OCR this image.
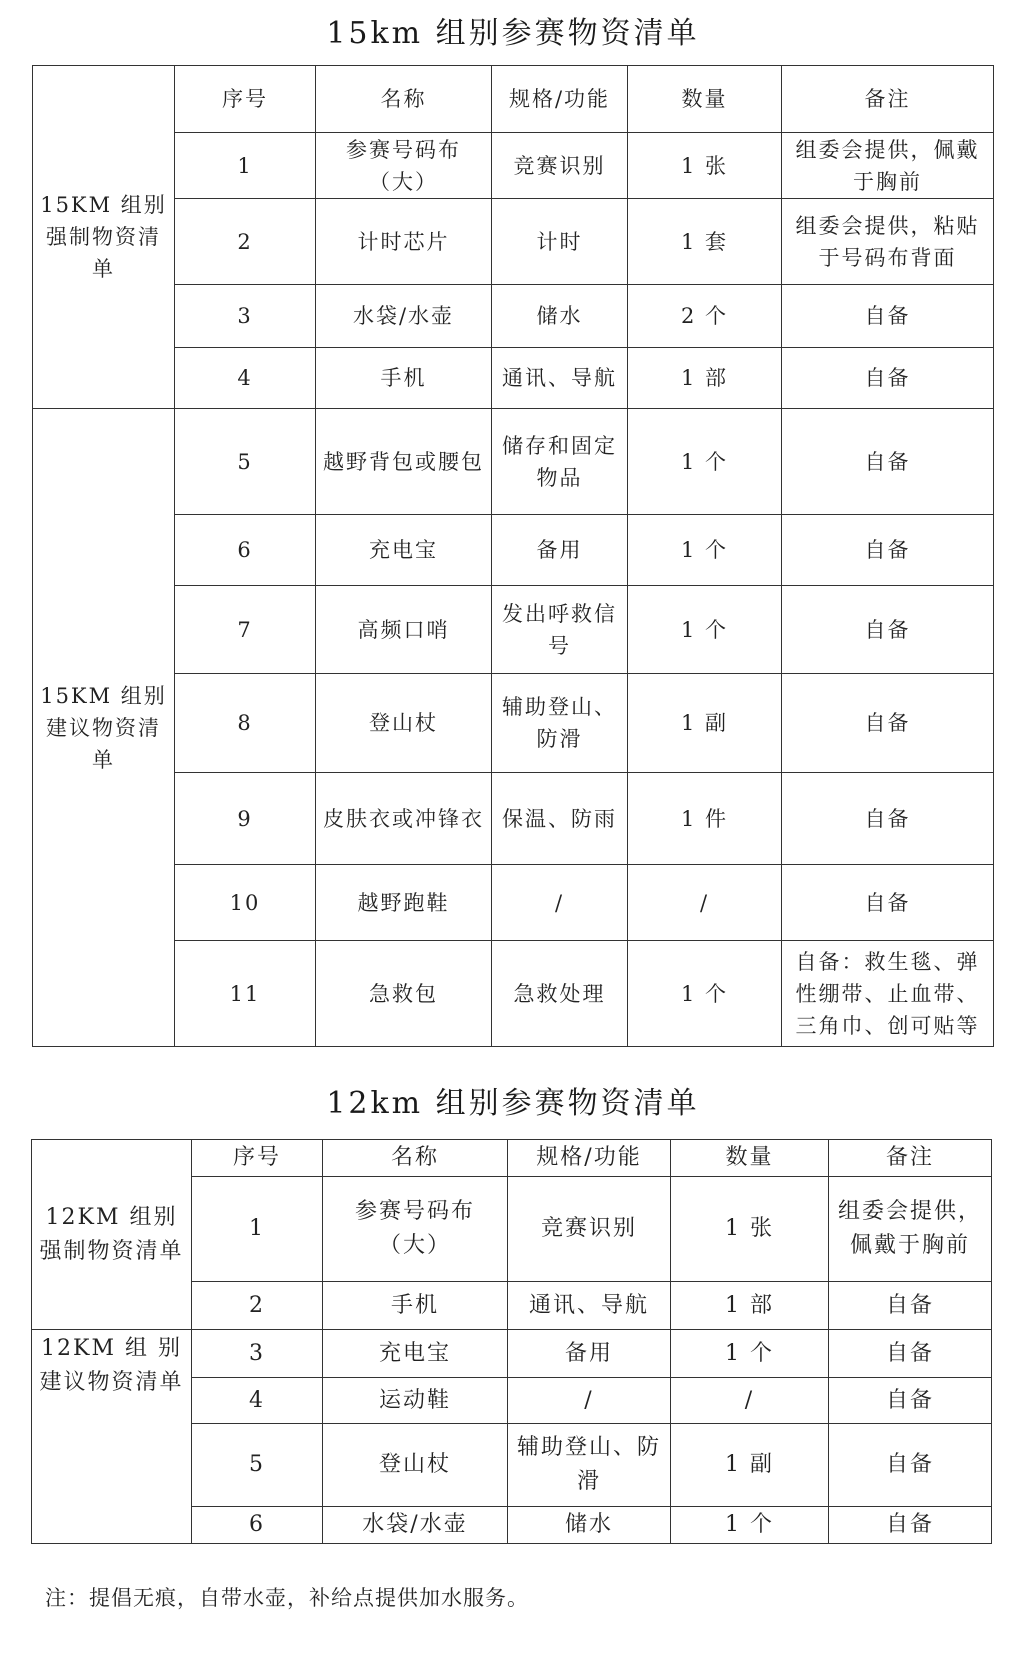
15km 组别参赛物资清单
15KM 组别强制物资清单	序号	名称	规格/功能	数量	备注
	1	参赛号码布（大）	竞赛识别	1 张	组委会提供，佩戴于胸前
	2	计时芯片	计时	1 套	组委会提供，粘贴于号码布背面
	3	水袋/水壶	储水	2 个	自备
	4	手机	通讯、导航	1 部	自备
15KM 组别建议物资清单	5	越野背包或腰包	储存和固定物品	1 个	自备
	6	充电宝	备用	1 个	自备
	7	高频口哨	发出呼救信号	1 个	自备
	8	登山杖	辅助登山、防滑	1 副	自备
	9	皮肤衣或冲锋衣	保温、防雨	1 件	自备
	10	越野跑鞋	/	/	自备
	11	急救包	急救处理	1 个	自备：救生毯、弹性绷带、止血带、三角巾、创可贴等
12km 组别参赛物资清单
12KM 组别强制物资清单	序号	名称	规格/功能	数量	备注
	1	参赛号码布（大）	竞赛识别	1 张	组委会提供，佩戴于胸前
	2	手机	通讯、导航	1 部	自备
12KM 组 别建议物资清单	3	充电宝	备用	1 个	自备
	4	运动鞋	/	/	自备
	5	登山杖	辅助登山、防滑	1 副	自备
	6	水袋/水壶	储水	1 个	自备
注：提倡无痕，自带水壶，补给点提供加水服务。
